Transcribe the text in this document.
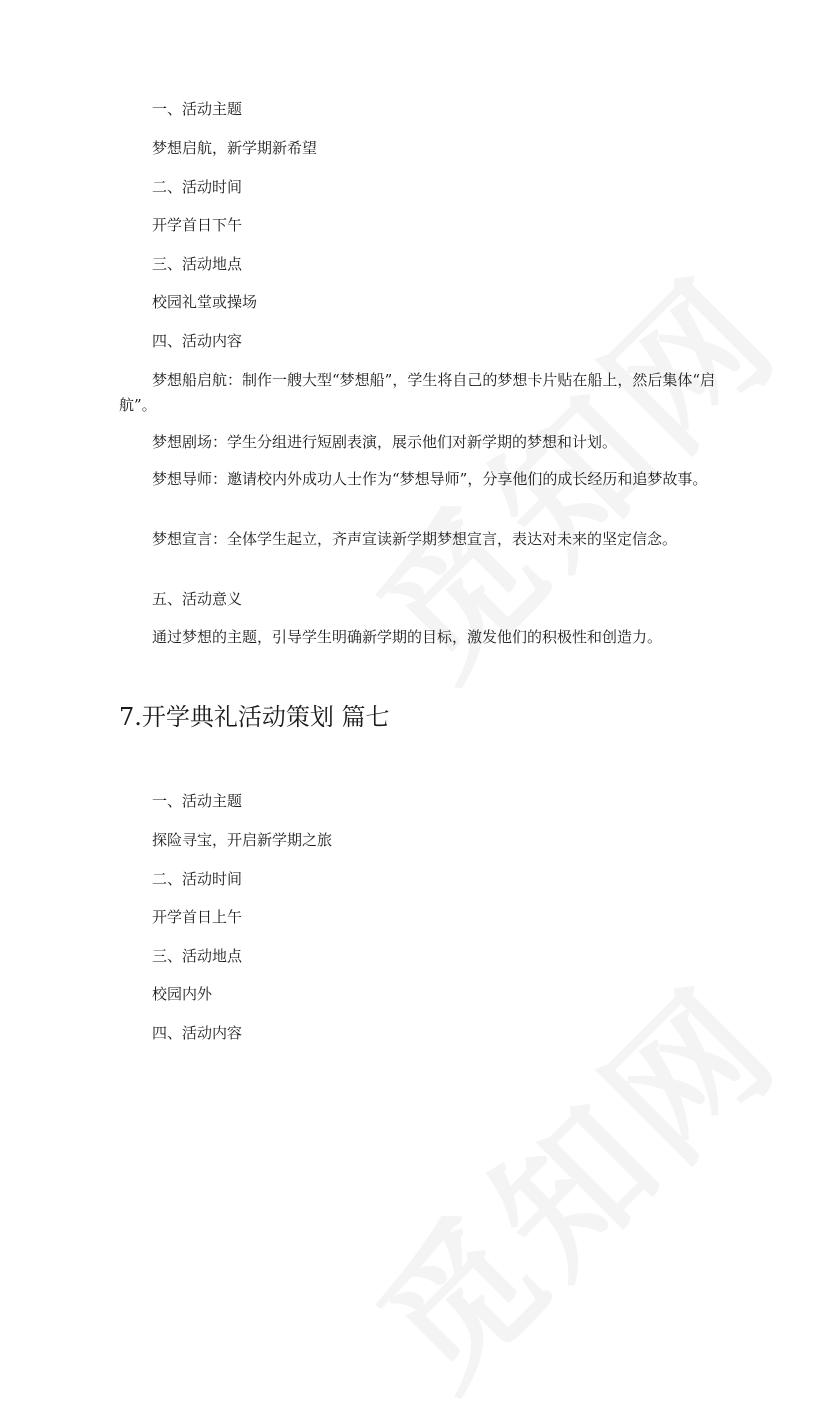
一、活动主题

梦想启航，新学期新希望

二、活动时间

开学首日下午

三、活动地点

校园礼堂或操场

四、活动内容

梦想船启航：制作一艘大型“梦想船”，学生将自己的梦想卡片贴在船上，然后集体“启航”。

梦想剧场：学生分组进行短剧表演，展示他们对新学期的梦想和计划。

梦想导师：邀请校内外成功人士作为“梦想导师”，分享他们的成长经历和追梦故事。

梦想宣言：全体学生起立，齐声宣读新学期梦想宣言，表达对未来的坚定信念。

五、活动意义

通过梦想的主题，引导学生明确新学期的目标，激发他们的积极性和创造力。

7.开学典礼活动策划 篇七

一、活动主题

探险寻宝，开启新学期之旅

二、活动时间

开学首日上午

三、活动地点

校园内外

四、活动内容
